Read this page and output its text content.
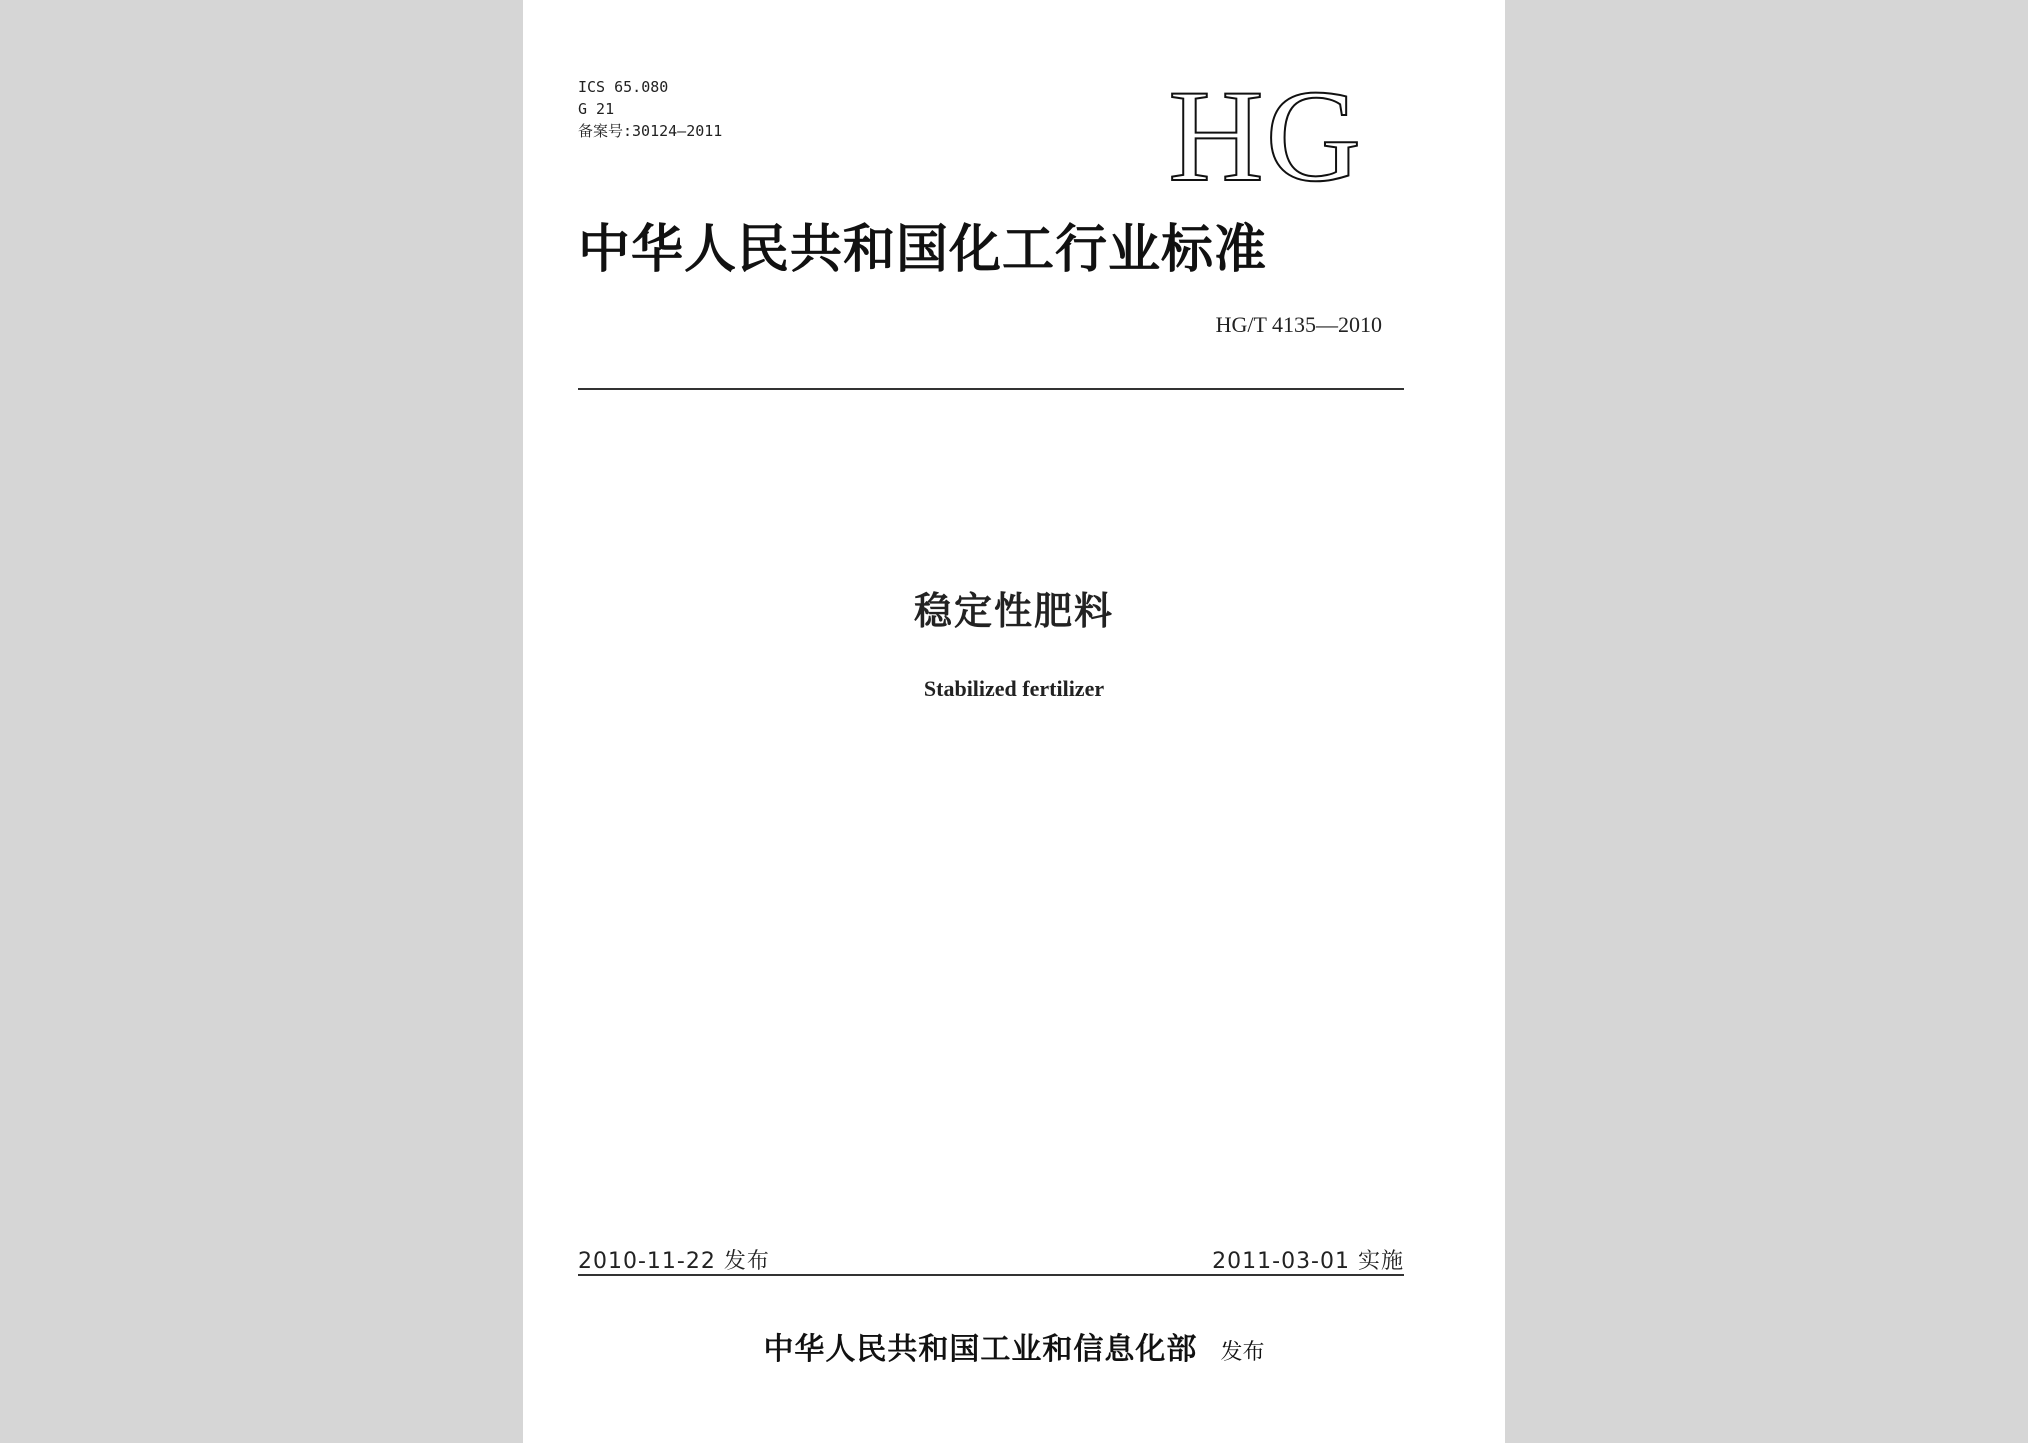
ICS 65.080
G 21
备案号:30124—2011	HG
中华人民共和国化工行业标准
HG/T 4135—2010
稳定性肥料
Stabilized fertilizer
2010-11-22 发布	2011-03-01 实施
中华人民共和国工业和信息化部 发布
